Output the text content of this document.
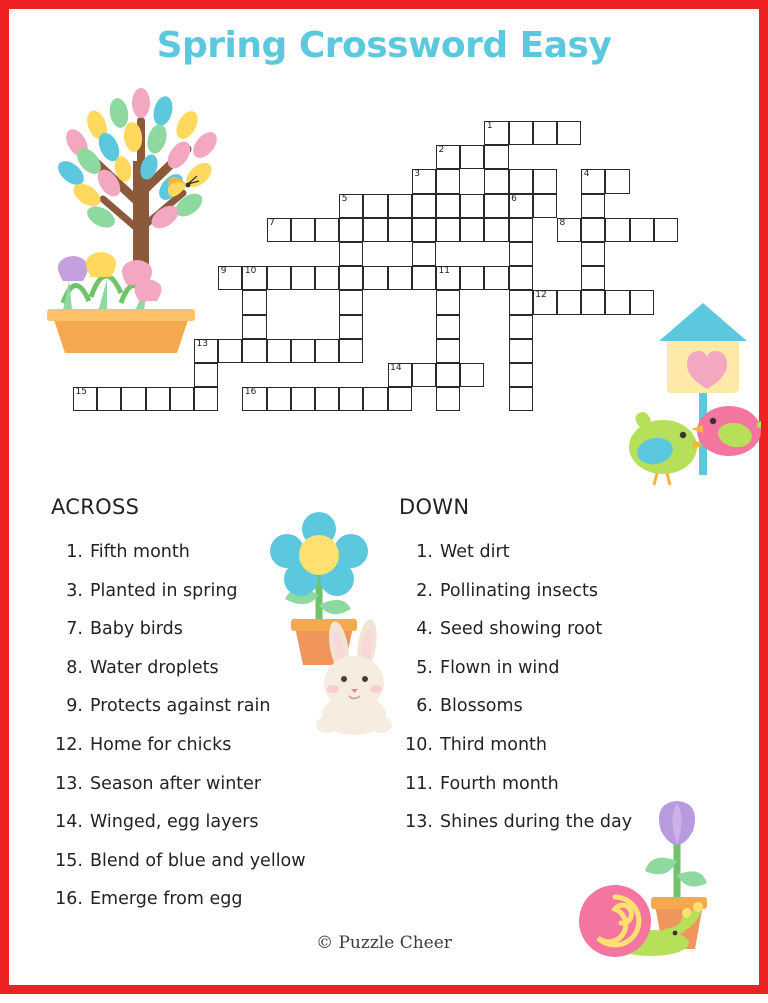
Spring Crossword Easy
1
2
3	4
5	6
7	8
9 10	11
12
13
14
15	16
ACROSS
1. Fifth month
3. Planted in spring
7. Baby birds
8. Water droplets
9. Protects against rain
12. Home for chicks
13. Season after winter
14. Winged, egg layers
15. Blend of blue and yellow
16. Emerge from egg
DOWN
1. Wet dirt
2. Pollinating insects
4. Seed showing root
5. Flown in wind
6. Blossoms
10. Third month
11. Fourth month
13. Shines during the day
© Puzzle Cheer
